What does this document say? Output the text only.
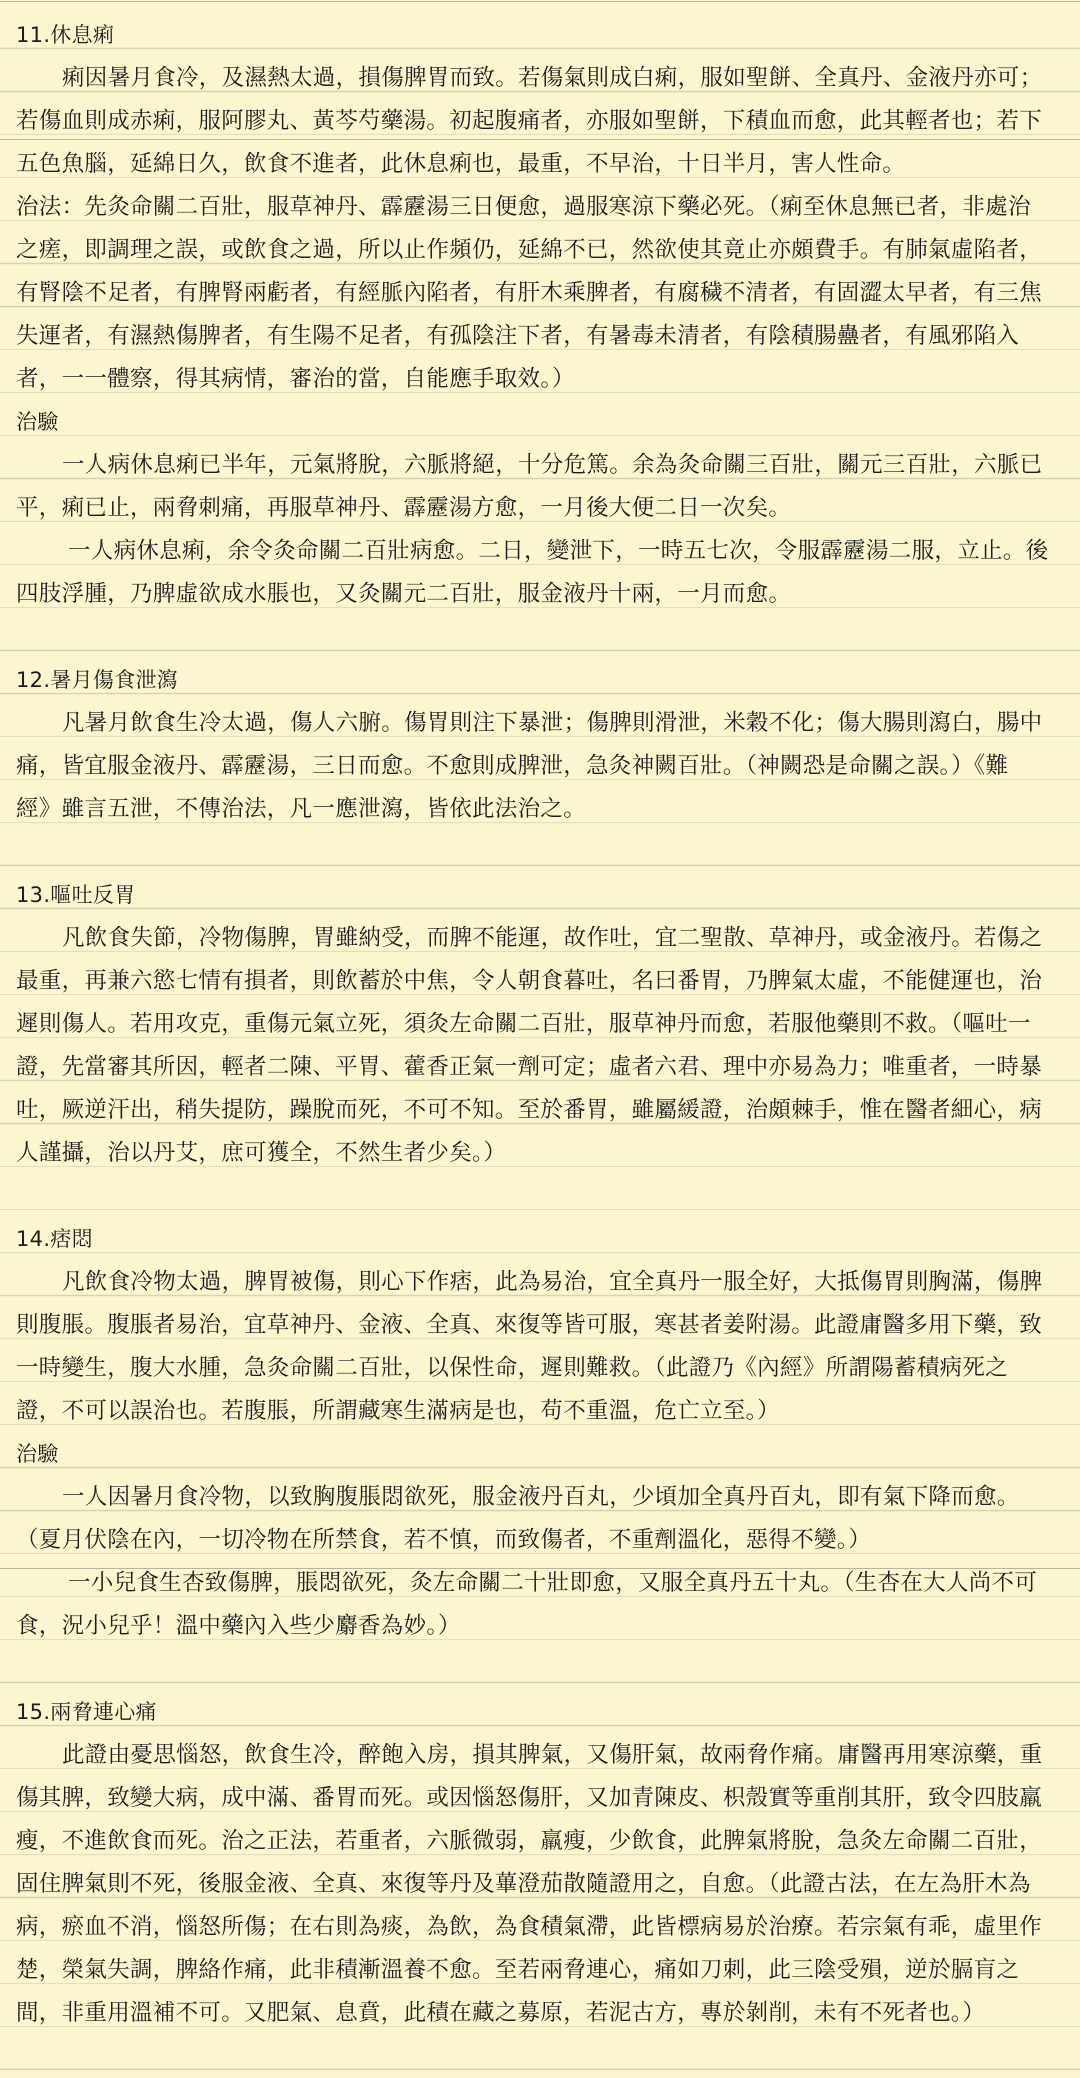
11.休息痢
痢因暑月食冷，及濕熱太過，損傷脾胃而致。若傷氣則成白痢，服如聖餅、全真丹、金液丹亦可；
若傷血則成赤痢，服阿膠丸、黃芩芍藥湯。初起腹痛者，亦服如聖餅，下積血而愈，此其輕者也；若下
五色魚腦，延綿日久，飲食不進者，此休息痢也，最重，不早治，十日半月，害人性命。
治法：先灸命關二百壯，服草神丹、霹靂湯三日便愈，過服寒涼下藥必死。（痢至休息無已者，非處治
之瘥，即調理之誤，或飲食之過，所以止作頻仍，延綿不已，然欲使其竟止亦頗費手。有肺氣虛陷者，
有腎陰不足者，有脾腎兩虧者，有經脈內陷者，有肝木乘脾者，有腐穢不清者，有固澀太早者，有三焦
失運者，有濕熱傷脾者，有生陽不足者，有孤陰注下者，有暑毒未清者，有陰積腸蠱者，有風邪陷入
者，一一體察，得其病情，審治的當，自能應手取效。）
治驗
一人病休息痢已半年，元氣將脫，六脈將絕，十分危篤。余為灸命關三百壯，關元三百壯，六脈已
平，痢已止，兩脅刺痛，再服草神丹、霹靂湯方愈，一月後大便二日一次矣。
一人病休息痢，余令灸命關二百壯病愈。二日，變泄下，一時五七次，令服霹靂湯二服，立止。後
四肢浮腫，乃脾虛欲成水脹也，又灸關元二百壯，服金液丹十兩，一月而愈。
12.暑月傷食泄瀉
凡暑月飲食生冷太過，傷人六腑。傷胃則注下暴泄；傷脾則滑泄，米穀不化；傷大腸則瀉白，腸中
痛，皆宜服金液丹、霹靂湯，三日而愈。不愈則成脾泄，急灸神闕百壯。（神闕恐是命關之誤。）《難
經》雖言五泄，不傳治法，凡一應泄瀉，皆依此法治之。
13.嘔吐反胃
凡飲食失節，冷物傷脾，胃雖納受，而脾不能運，故作吐，宜二聖散、草神丹，或金液丹。若傷之
最重，再兼六慾七情有損者，則飲蓄於中焦，令人朝食暮吐，名曰番胃，乃脾氣太虛，不能健運也，治
遲則傷人。若用攻克，重傷元氣立死，須灸左命關二百壯，服草神丹而愈，若服他藥則不救。（嘔吐一
證，先當審其所因，輕者二陳、平胃、藿香正氣一劑可定；虛者六君、理中亦易為力；唯重者，一時暴
吐，厥逆汗出，稍失提防，躁脫而死，不可不知。至於番胃，雖屬緩證，治頗棘手，惟在醫者細心，病
人謹攝，治以丹艾，庶可獲全，不然生者少矣。）
14.痞悶
凡飲食冷物太過，脾胃被傷，則心下作痞，此為易治，宜全真丹一服全好，大抵傷胃則胸滿，傷脾
則腹脹。腹脹者易治，宜草神丹、金液、全真、來復等皆可服，寒甚者姜附湯。此證庸醫多用下藥，致
一時變生，腹大水腫，急灸命關二百壯，以保性命，遲則難救。（此證乃《內經》所謂陽蓄積病死之
證，不可以誤治也。若腹脹，所謂藏寒生滿病是也，苟不重溫，危亡立至。）
治驗
一人因暑月食冷物，以致胸腹脹悶欲死，服金液丹百丸，少頃加全真丹百丸，即有氣下降而愈。
（夏月伏陰在內，一切冷物在所禁食，若不慎，而致傷者，不重劑溫化，惡得不變。）
一小兒食生杏致傷脾，脹悶欲死，灸左命關二十壯即愈，又服全真丹五十丸。（生杏在大人尚不可
食，況小兒乎！溫中藥內入些少麝香為妙。）
15.兩脅連心痛
此證由憂思惱怒，飲食生冷，醉飽入房，損其脾氣，又傷肝氣，故兩脅作痛。庸醫再用寒涼藥，重
傷其脾，致變大病，成中滿、番胃而死。或因惱怒傷肝，又加青陳皮、枳殼實等重削其肝，致令四肢羸
瘦，不進飲食而死。治之正法，若重者，六脈微弱，羸瘦，少飲食，此脾氣將脫，急灸左命關二百壯，
固住脾氣則不死，後服金液、全真、來復等丹及蓽澄茄散隨證用之，自愈。（此證古法，在左為肝木為
病，瘀血不消，惱怒所傷；在右則為痰，為飲，為食積氣滯，此皆標病易於治療。若宗氣有乖，虛里作
楚，榮氣失調，脾絡作痛，此非積漸溫養不愈。至若兩脅連心，痛如刀刺，此三陰受殞，逆於膈肓之
間，非重用溫補不可。又肥氣、息賁，此積在藏之募原，若泥古方，專於剝削，未有不死者也。）
